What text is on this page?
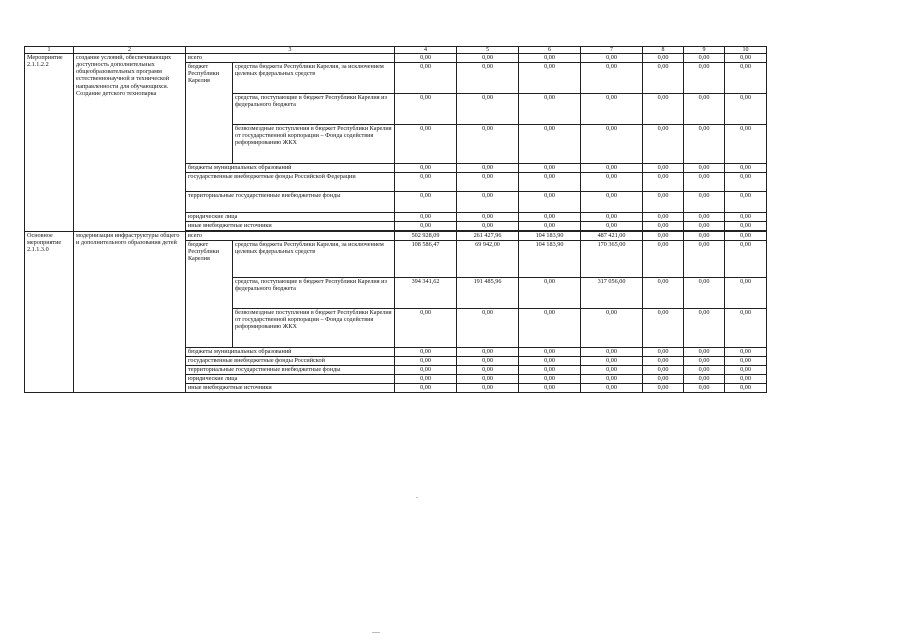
1	2	3		4	5	6	7	8	9	10
Мероприятие 2.1.1.2.2	создание условий, обеспечивающих доступность дополнительных общеобразовательных программ естественнонаучной и технической направленности для обучающихся. Создание детского технопарка	всего		0,00	0,00	0,00	0,00	0,00	0,00	0,00
		бюджет Республики Карелия	средства бюджета Республики Карелия, за исключением целевых федеральных средств	0,00	0,00	0,00	0,00	0,00	0,00	0,00
			средства, поступающие в бюджет Республики Карелия из федерального бюджета	0,00	0,00	0,00	0,00	0,00	0,00	0,00
			безвозмездные поступления в бюджет Республики Карелия от государственной корпорации – Фонда содействия реформированию ЖКХ	0,00	0,00	0,00	0,00	0,00	0,00	0,00
		бюджеты муниципальных образований		0,00	0,00	0,00	0,00	0,00	0,00	0,00
		государственные внебюджетные фонды Российской Федерации		0,00	0,00	0,00	0,00	0,00	0,00	0,00
		территориальные государственные внебюджетные фонды		0,00	0,00	0,00	0,00	0,00	0,00	0,00
		юридические лица		0,00	0,00	0,00	0,00	0,00	0,00	0,00
		иные внебюджетные источники		0,00	0,00	0,00	0,00	0,00	0,00	0,00

Основное мероприятие 2.1.1.3.0	модернизация инфраструктуры общего и дополнительного образования детей	всего		502 928,09	261 427,96	104 183,90	487 421,00	0,00	0,00	0,00
		бюджет Республики Карелия	средства бюджета Республики Карелия, за исключением целевых федеральных средств	108 586,47	69 942,00	104 183,90	170 365,00	0,00	0,00	0,00
			средства, поступающие в бюджет Республики Карелия из федерального бюджета	394 341,62	191 485,96	0,00	317 056,00	0,00	0,00	0,00
			безвозмездные поступления в бюджет Республики Карелия от государственной корпорации – Фонда содействия реформированию ЖКХ	0,00	0,00	0,00	0,00	0,00	0,00	0,00
		бюджеты муниципальных образований		0,00	0,00	0,00	0,00	0,00	0,00	0,00
		государственные внебюджетные фонды Российской		0,00	0,00	0,00	0,00	0,00	0,00	0,00
		территориальные государственные внебюджетные фонды		0,00	0,00	0,00	0,00	0,00	0,00	0,00
		юридические лица		0,00	0,00	0,00	0,00	0,00	0,00	0,00
		иные внебюджетные источники		0,00	0,00	0,00	0,00	0,00	0,00	0,00
